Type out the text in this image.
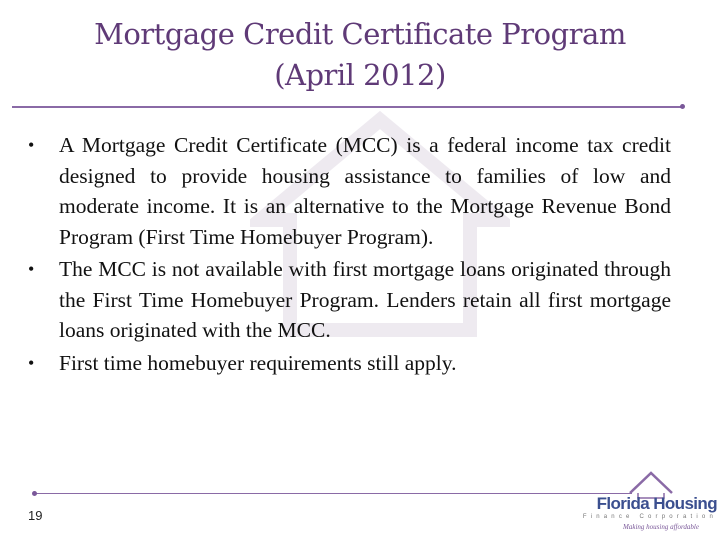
Mortgage Credit Certificate Program
(April 2012)
• A Mortgage Credit Certificate (MCC) is a federal income tax credit designed to provide housing assistance to families of low and moderate income. It is an alternative to the Mortgage Revenue Bond Program (First Time Homebuyer Program).
• The MCC is not available with first mortgage loans originated through the First Time Homebuyer Program. Lenders retain all first mortgage loans originated with the MCC.
• First time homebuyer requirements still apply.
19
Florida Housing
Finance Corporation
Making housing affordable
